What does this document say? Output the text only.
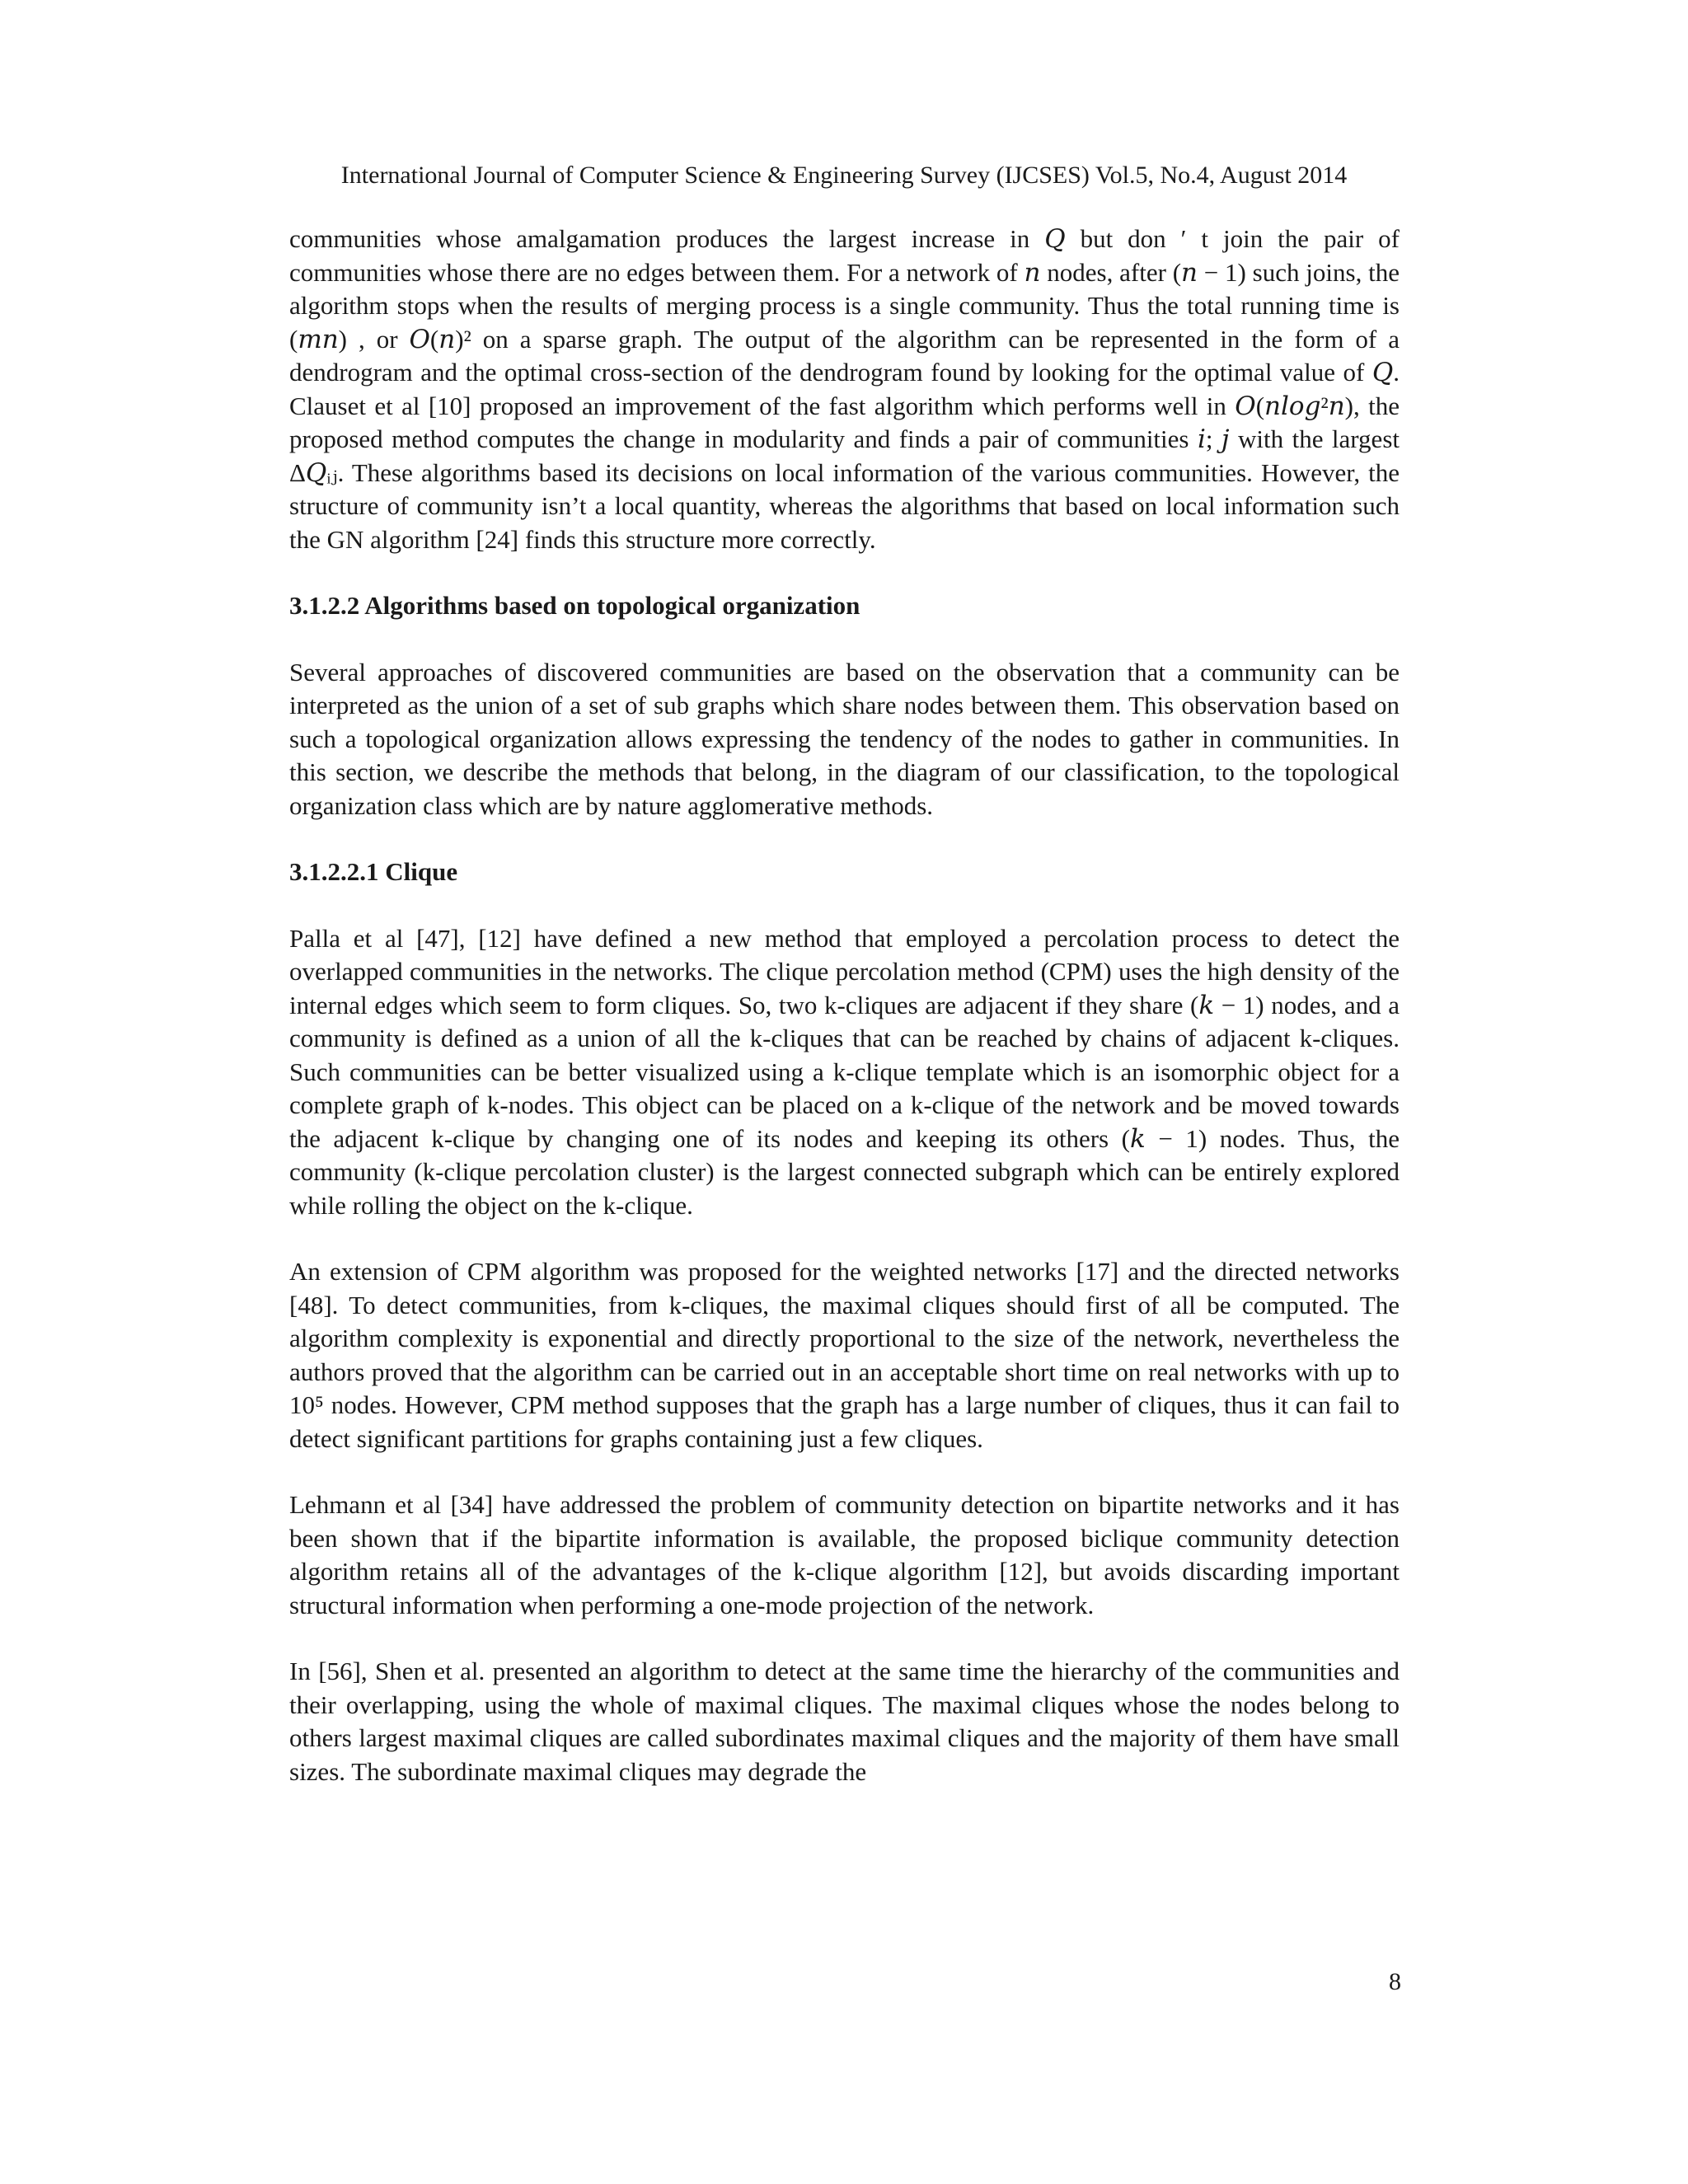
International Journal of Computer Science & Engineering Survey (IJCSES) Vol.5, No.4, August 2014

communities whose amalgamation produces the largest increase in 𝑄 but don ′ t join the pair of communities whose there are no edges between them. For a network of 𝑛 nodes, after (𝑛 − 1) such joins, the algorithm stops when the results of merging process is a single community. Thus the total running time is (𝑚𝑛) , or 𝑂(𝑛)² on a sparse graph. The output of the algorithm can be represented in the form of a dendrogram and the optimal cross-section of the dendrogram found by looking for the optimal value of 𝑄. Clauset et al [10] proposed an improvement of the fast algorithm which performs well in 𝑂(𝑛𝑙𝑜𝑔²𝑛), the proposed method computes the change in modularity and finds a pair of communities 𝑖; 𝑗 with the largest Δ𝑄ᵢⱼ. These algorithms based its decisions on local information of the various communities. However, the structure of community isn’t a local quantity, whereas the algorithms that based on local information such the GN algorithm [24] finds this structure more correctly.

3.1.2.2 Algorithms based on topological organization

Several approaches of discovered communities are based on the observation that a community can be interpreted as the union of a set of sub graphs which share nodes between them. This observation based on such a topological organization allows expressing the tendency of the nodes to gather in communities. In this section, we describe the methods that belong, in the diagram of our classification, to the topological organization class which are by nature agglomerative methods.

3.1.2.2.1 Clique

Palla et al [47], [12] have defined a new method that employed a percolation process to detect the overlapped communities in the networks. The clique percolation method (CPM) uses the high density of the internal edges which seem to form cliques. So, two k-cliques are adjacent if they share (𝑘 − 1) nodes, and a community is defined as a union of all the k-cliques that can be reached by chains of adjacent k-cliques. Such communities can be better visualized using a k-clique template which is an isomorphic object for a complete graph of k-nodes. This object can be placed on a k-clique of the network and be moved towards the adjacent k-clique by changing one of its nodes and keeping its others (𝑘 − 1) nodes. Thus, the community (k-clique percolation cluster) is the largest connected subgraph which can be entirely explored while rolling the object on the k-clique.

An extension of CPM algorithm was proposed for the weighted networks [17] and the directed networks [48]. To detect communities, from k-cliques, the maximal cliques should first of all be computed. The algorithm complexity is exponential and directly proportional to the size of the network, nevertheless the authors proved that the algorithm can be carried out in an acceptable short time on real networks with up to 10⁵ nodes. However, CPM method supposes that the graph has a large number of cliques, thus it can fail to detect significant partitions for graphs containing just a few cliques.

Lehmann et al [34] have addressed the problem of community detection on bipartite networks and it has been shown that if the bipartite information is available, the proposed biclique community detection algorithm retains all of the advantages of the k-clique algorithm [12], but avoids discarding important structural information when performing a one-mode projection of the network.

In [56], Shen et al. presented an algorithm to detect at the same time the hierarchy of the communities and their overlapping, using the whole of maximal cliques. The maximal cliques whose the nodes belong to others largest maximal cliques are called subordinates maximal cliques and the majority of them have small sizes. The subordinate maximal cliques may degrade the

8
